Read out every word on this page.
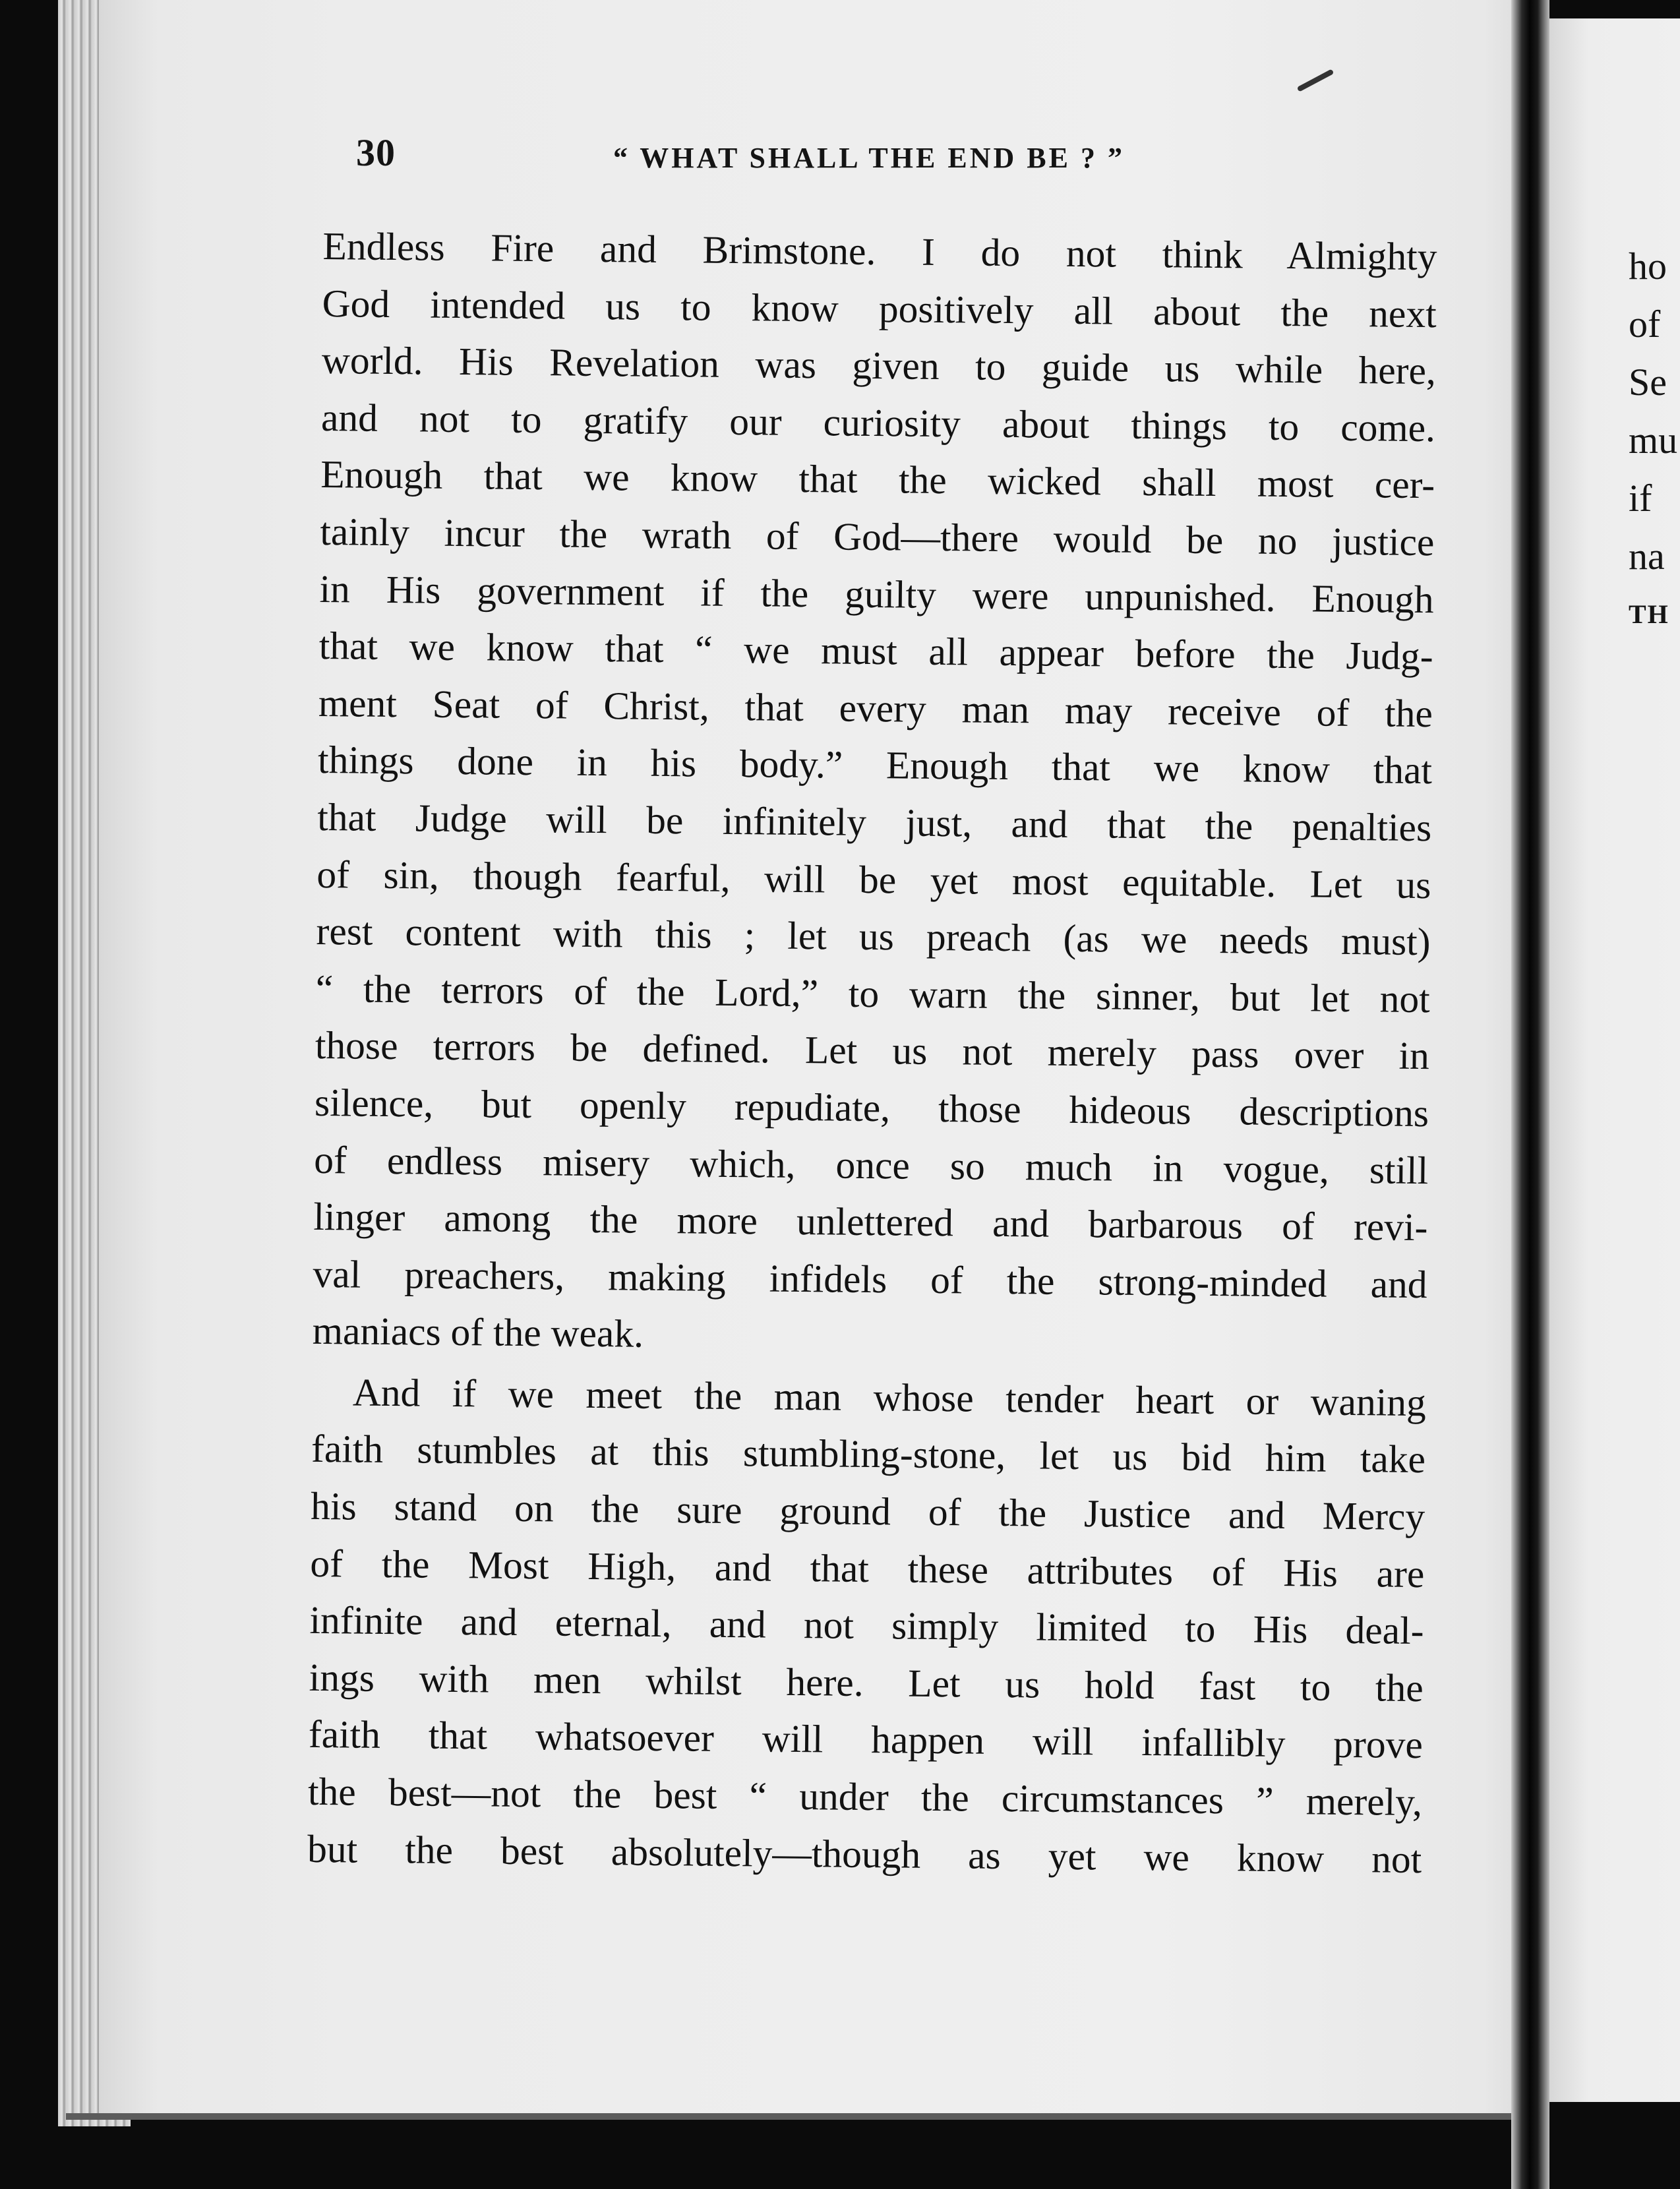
30	“ WHAT SHALL THE END BE ? ”
Endless Fire and Brimstone. I do not think Almighty
God intended us to know positively all about the next
world. His Revelation was given to guide us while here,
and not to gratify our curiosity about things to come.
Enough that we know that the wicked shall most cer-
tainly incur the wrath of God—there would be no justice
in His government if the guilty were unpunished. Enough
that we know that “ we must all appear before the Judg-
ment Seat of Christ, that every man may receive of the
things done in his body.” Enough that we know that
that Judge will be infinitely just, and that the penalties
of sin, though fearful, will be yet most equitable. Let us
rest content with this ; let us preach (as we needs must)
“ the terrors of the Lord,” to warn the sinner, but let not
those terrors be defined. Let us not merely pass over in
silence, but openly repudiate, those hideous descriptions
of endless misery which, once so much in vogue, still
linger among the more unlettered and barbarous of revi-
val preachers, making infidels of the strong-minded and
maniacs of the weak.
And if we meet the man whose tender heart or waning
faith stumbles at this stumbling-stone, let us bid him take
his stand on the sure ground of the Justice and Mercy
of the Most High, and that these attributes of His are
infinite and eternal, and not simply limited to His deal-
ings with men whilst here. Let us hold fast to the
faith that whatsoever will happen will infallibly prove
the best—not the best “ under the circumstances ” merely,
but the best absolutely—though as yet we know not
ho
of
Se
mu
if
na
TH
